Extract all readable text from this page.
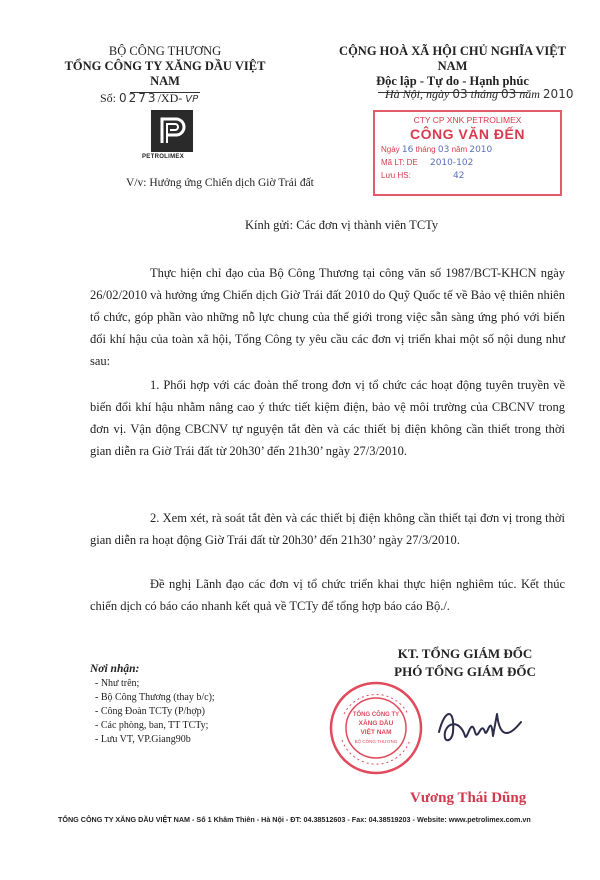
BỘ CÔNG THƯƠNG
TỔNG CÔNG TY XĂNG DẦU VIỆT NAM
CỘNG HOÀ XÃ HỘI CHỦ NGHĨA VIỆT NAM
Độc lập - Tự do - Hạnh phúc
Số: 0273/XD- VP	Hà Nội, ngày 03 tháng 03 năm 2010
PETROLIMEX
V/v: Hưởng ứng Chiến dịch Giờ Trái đất
CTY CP XNK PETROLIMEX
CÔNG VĂN ĐẾN
Ngày 16 tháng 03 năm 2010
Mã LT: DE 2010-102
Lưu HS:	42
Kính gửi: Các đơn vị thành viên TCTy
Thực hiện chỉ đạo của Bộ Công Thương tại công văn số 1987/BCT-KHCN ngày 26/02/2010 và hưởng ứng Chiến dịch Giờ Trái đất 2010 do Quỹ Quốc tế về Bảo vệ thiên nhiên tổ chức, góp phần vào những nỗ lực chung của thế giới trong việc sẵn sàng ứng phó với biến đổi khí hậu của toàn xã hội, Tổng Công ty yêu cầu các đơn vị triển khai một số nội dung như sau:
1. Phối hợp với các đoàn thể trong đơn vị tổ chức các hoạt động tuyên truyền về biến đổi khí hậu nhằm nâng cao ý thức tiết kiệm điện, bảo vệ môi trường của CBCNV trong đơn vị. Vận động CBCNV tự nguyện tắt đèn và các thiết bị điện không cần thiết trong thời gian diễn ra Giờ Trái đất từ 20h30’ đến 21h30’ ngày 27/3/2010.
2. Xem xét, rà soát tắt đèn và các thiết bị điện không cần thiết tại đơn vị trong thời gian diễn ra hoạt động Giờ Trái đất từ 20h30’ đến 21h30’ ngày 27/3/2010.
Đề nghị Lãnh đạo các đơn vị tổ chức triển khai thực hiện nghiêm túc. Kết thúc chiến dịch có báo cáo nhanh kết quả về TCTy để tổng hợp báo cáo Bộ./.
KT. TỔNG GIÁM ĐỐC
PHÓ TỔNG GIÁM ĐỐC
Nơi nhận:
- Như trên;
- Bộ Công Thương (thay b/c);
- Công Đoàn TCTy (P/hợp)
- Các phòng, ban, TT TCTy;
- Lưu VT, VP.Giang90b
TỔNG CÔNG TY
XĂNG DẦU
VIỆT NAM
BỘ CÔNG THƯƠNG
Vương Thái Dũng
TỔNG CÔNG TY XĂNG DẦU VIỆT NAM - Số 1 Khâm Thiên - Hà Nội - ĐT: 04.38512603 - Fax: 04.38519203 - Website: www.petrolimex.com.vn
